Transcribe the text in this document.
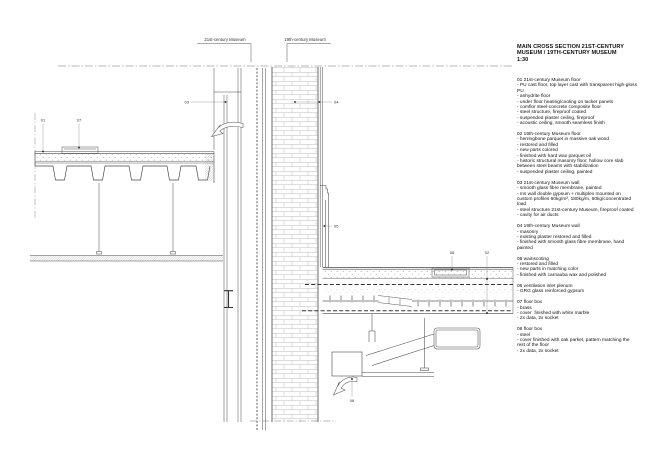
21st-century Museum	19th-century Museum
01	07
03	04
05
08	02
06
MAIN CROSS SECTION 21ST-CENTURY MUSEUM / 19TH-CENTURY MUSEUM
1:30
01 21st-century Museum floor
- PU cast floor, top layer cast with transparent high-gloss PU
- anhydrite floor
- under floor heating/cooling on tacker panels
- comflor steel-concrete composite floor
- steel structure, fireproof coated
- suspended plaster ceiling, fireproof
- acoustic ceiling, smooth seamless finish
02 19th-century Museum floor
- herringbone parquet in massive oak wood
- restored and filled
- new parts colored
- finished with hard wax parquet oil
- historic structural masonry floor, hollow core slab between steel beams with stabilization
- suspended plaster ceiling, painted
03 21st-century Museum wall
- smooth glass fibre membrane, painted
- ms wall double gypsum + multiplex mounted on custom profiles 60kg/m², 180kg/m, 60kg/concentrated load
- steel structure 21st-century Museum, fireproof coated
- cavity for air ducts
04 19th-century Museum wall
- masonry
- existing plaster restored and filled
- finished with smooth glass fibre membrane, hand painted
05 wainscoting
- restored and filled
- new parts in matching color
- finished with carnauba wax and polished
06 ventilation inlet plenum
- GRG glass reinforced gypsum
07 floor box
- brass
- cover  finished with white marble
- 2x data, 2x socket
08 floor box
- steel
- cover finished with oak parket, pattern matching the rest of the floor
- 2x data, 2x socket
